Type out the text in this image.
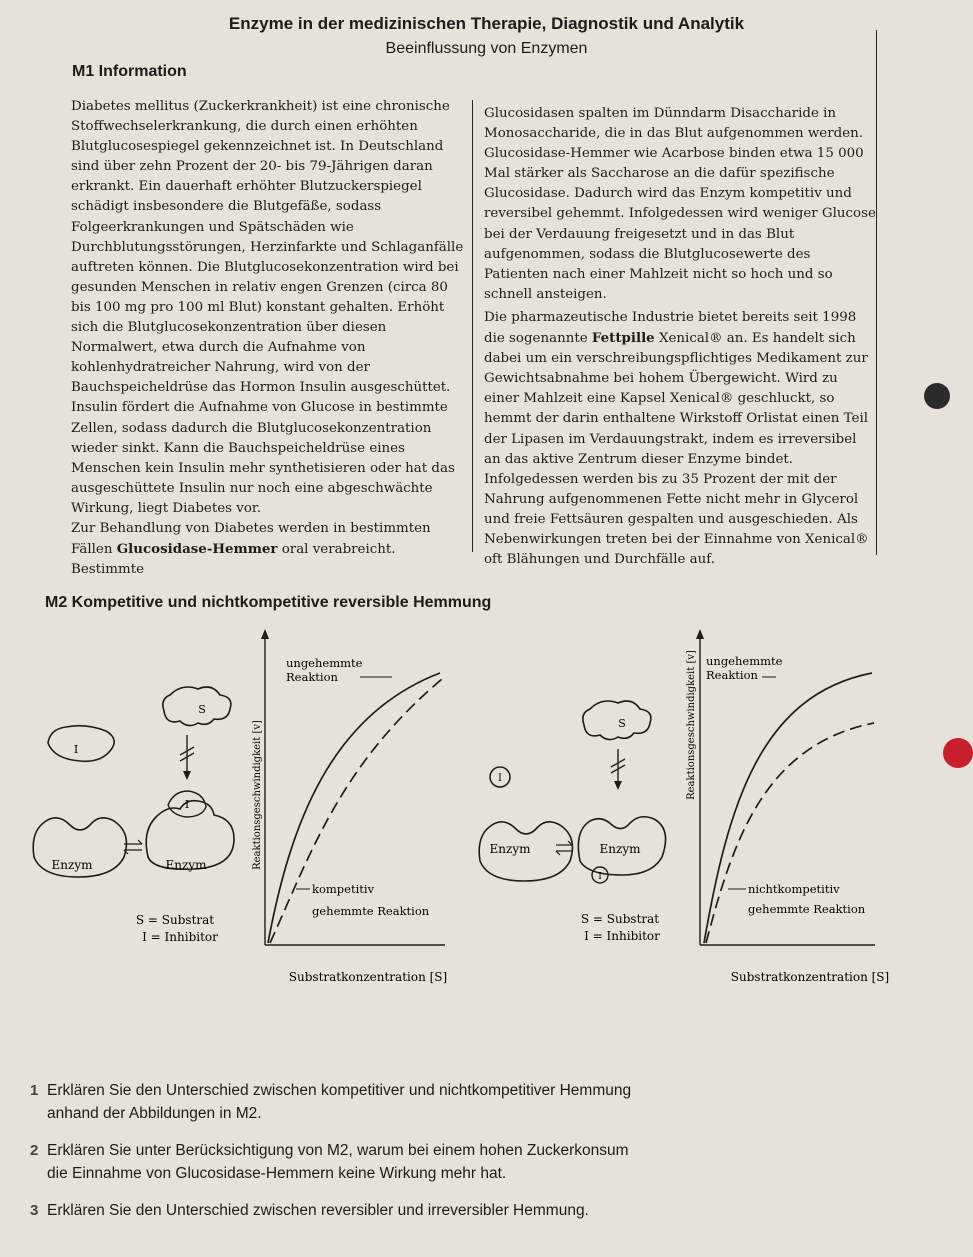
Enzyme in der medizinischen Therapie, Diagnostik und Analytik
Beeinflussung von Enzymen
M1 Information

Diabetes mellitus (Zuckerkrankheit) ist eine chronische Stoffwechselerkrankung, die durch einen erhöhten Blutglucosespiegel gekennzeichnet ist. In Deutschland sind über zehn Prozent der 20- bis 79-Jährigen daran erkrankt. Ein dauerhaft erhöhter Blutzuckerspiegel schädigt insbesondere die Blutgefäße, sodass Folgeerkrankungen und Spätschäden wie Durchblutungsstörungen, Herzinfarkte und Schlaganfälle auftreten können. Die Blutglucosekonzentration wird bei gesunden Menschen in relativ engen Grenzen (circa 80 bis 100 mg pro 100 ml Blut) konstant gehalten. Erhöht sich die Blutglucosekonzentration über diesen Normalwert, etwa durch die Aufnahme von kohlenhydratreicher Nahrung, wird von der Bauchspeicheldrüse das Hormon Insulin ausgeschüttet. Insulin fördert die Aufnahme von Glucose in bestimmte Zellen, sodass dadurch die Blutglucosekonzentration wieder sinkt. Kann die Bauchspeicheldrüse eines Menschen kein Insulin mehr synthetisieren oder hat das ausgeschüttete Insulin nur noch eine abgeschwächte Wirkung, liegt Diabetes vor.

Zur Behandlung von Diabetes werden in bestimmten Fällen Glucosidase-Hemmer oral verabreicht. Bestimmte

Glucosidasen spalten im Dünndarm Disaccharide in Monosaccharide, die in das Blut aufgenommen werden. Glucosidase-Hemmer wie Acarbose binden etwa 15 000 Mal stärker als Saccharose an die dafür spezifische Glucosidase. Dadurch wird das Enzym kompetitiv und reversibel gehemmt. Infolgedessen wird weniger Glucose bei der Verdauung freigesetzt und in das Blut aufgenommen, sodass die Blutglucosewerte des Patienten nach einer Mahlzeit nicht so hoch und so schnell ansteigen.

Die pharmazeutische Industrie bietet bereits seit 1998 die sogenannte Fettpille Xenical® an. Es handelt sich dabei um ein verschreibungspflichtiges Medikament zur Gewichtsabnahme bei hohem Übergewicht. Wird zu einer Mahlzeit eine Kapsel Xenical® geschluckt, so hemmt der darin enthaltene Wirkstoff Orlistat einen Teil der Lipasen im Verdauungstrakt, indem es irreversibel an das aktive Zentrum dieser Enzyme bindet. Infolgedessen werden bis zu 35 Prozent der mit der Nahrung aufgenommenen Fette nicht mehr in Glycerol und freie Fettsäuren gespalten und ausgeschieden. Als Nebenwirkungen treten bei der Einnahme von Xenical® oft Blähungen und Durchfälle auf.

M2 Kompetitive und nichtkompetitive reversible Hemmung
S
I
Enzym
I
Enzym
S = Substrat
I = Inhibitor
Reaktionsgeschwindigkeit [v]
Substratkonzentration [S]
ungehemmte
Reaktion
kompetitiv
gehemmte Reaktion
S
I
Enzym	Enzym
I
S = Substrat
I = Inhibitor
Reaktionsgeschwindigkeit [v]
Substratkonzentration [S]
ungehemmte
Reaktion
nichtkompetitiv
gehemmte Reaktion
1 Erklären Sie den Unterschied zwischen kompetitiver und nichtkompetitiver Hemmung
anhand der Abbildungen in M2.
2 Erklären Sie unter Berücksichtigung von M2, warum bei einem hohen Zuckerkonsum
die Einnahme von Glucosidase-Hemmern keine Wirkung mehr hat.
3 Erklären Sie den Unterschied zwischen reversibler und irreversibler Hemmung.
